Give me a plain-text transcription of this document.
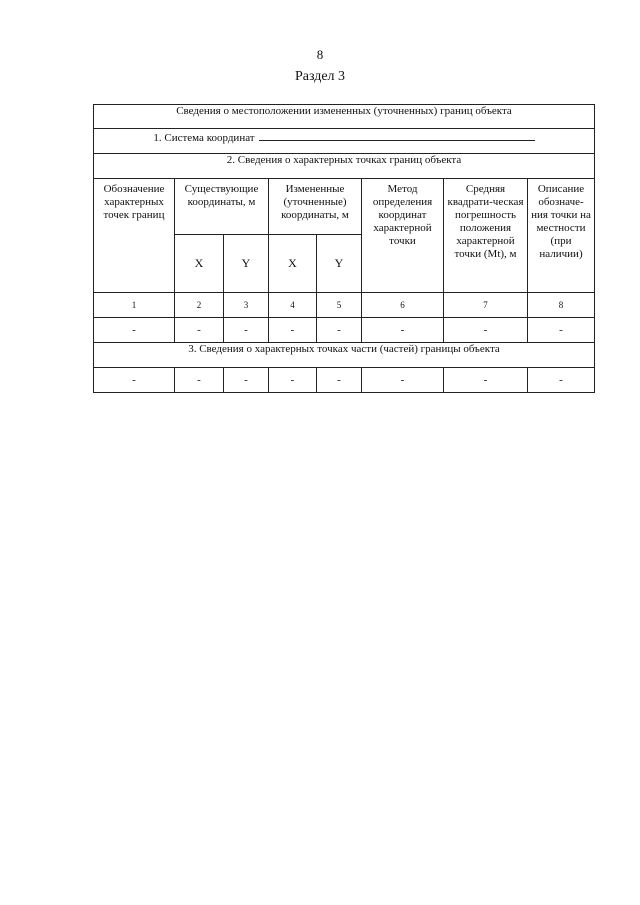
8
Раздел 3
Сведения о местоположении измененных (уточненных) границ объекта							
1. Система координат							
2. Сведения о характерных точках границ объекта							
Обозначение характерных точек границ	Существующие координаты, м		Измененные (уточненные) координаты, м		Метод определения координат характерной точки	Средняя квадрати-ческая погрешность положения характерной точки (Mt), м	Описание обозначе-ния точки на местности (при наличии)
	X	Y	X	Y			
1	2	3	4	5	6	7	8
-	-	-	-	-	-	-	-
3. Сведения о характерных точках части (частей) границы объекта							
-	-	-	-	-	-	-	-
